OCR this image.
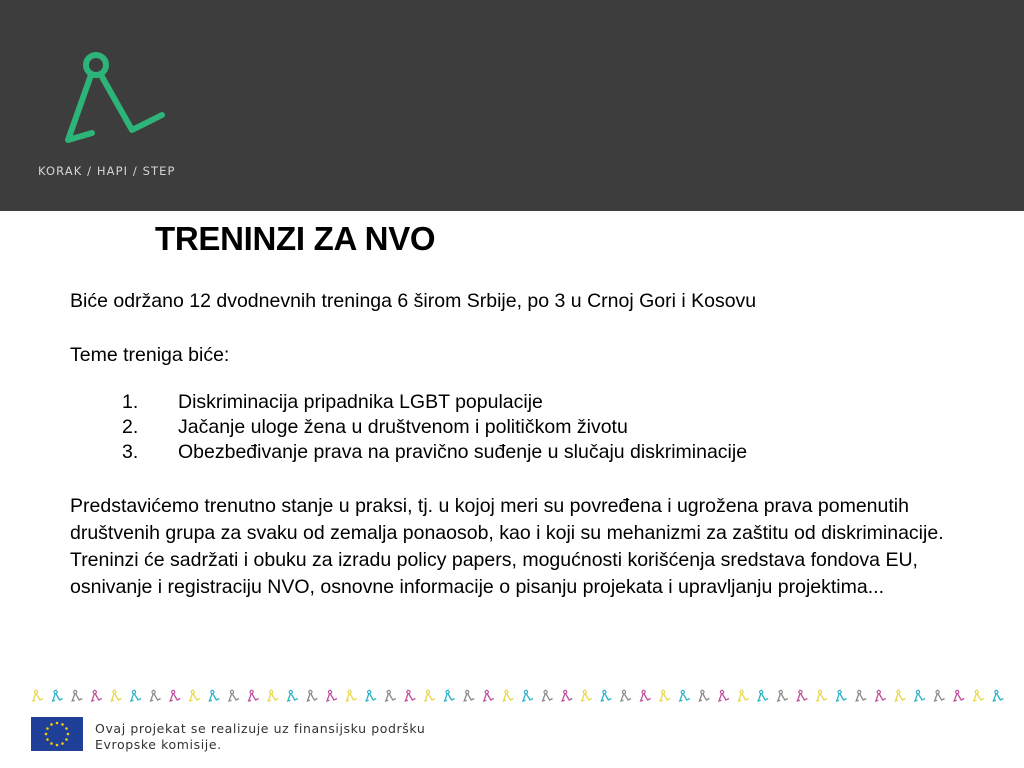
KORAK / HAPI / STEP
TRENINZI ZA NVO

Biće održano 12 dvodnevnih treninga 6 širom Srbije, po 3 u Crnoj Gori i Kosovu

Teme treniga biće:

1.	Diskriminacija pripadnika LGBT populacije
2.	Jačanje uloge žena u društvenom i političkom životu
3.	Obezbeđivanje prava na pravično suđenje u slučaju diskriminacije

Predstavićemo trenutno stanje u praksi, tj. u kojoj meri su povređena i ugrožena prava pomenutih društvenih grupa za svaku od zemalja ponaosob, kao i koji su mehanizmi za zaštitu od diskriminacije.

Treninzi će sadržati i obuku za izradu policy papers, mogućnosti korišćenja sredstava fondova EU, osnivanje i registraciju NVO, osnovne informacije o pisanju projekata i upravljanju projektima...

Ovaj projekat se realizuje uz finansijsku podršku
Evropske komisije.
